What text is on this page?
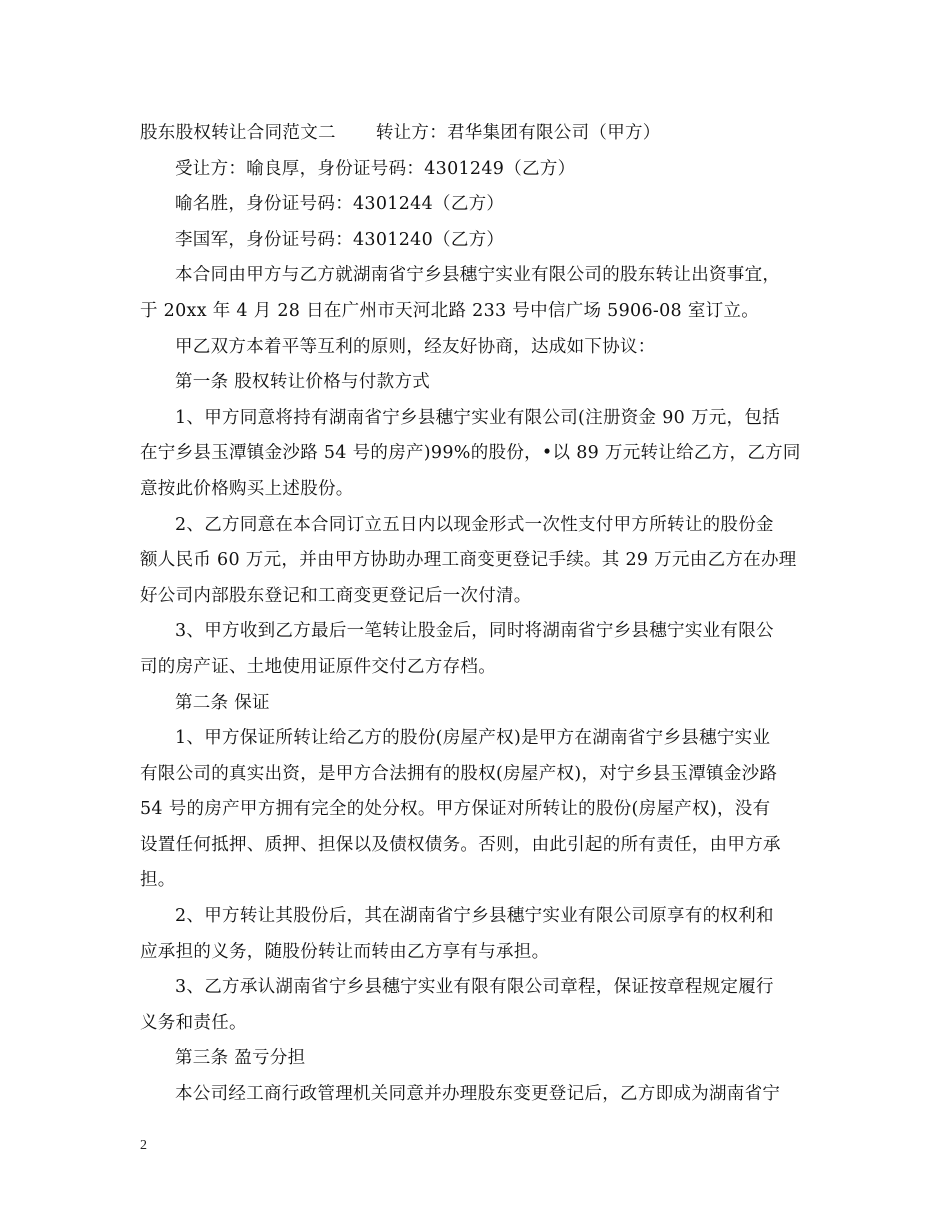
股东股权转让合同范文二 转让方：君华集团有限公司（甲方）

受让方：喻良厚，身份证号码：4301249（乙方）

喻名胜，身份证号码：4301244（乙方）

李国军，身份证号码：4301240（乙方）

本合同由甲方与乙方就湖南省宁乡县穗宁实业有限公司的股东转让出资事宜，

于 20xx 年 4 月 28 日在广州市天河北路 233 号中信广场 5906-08 室订立。

甲乙双方本着平等互利的原则，经友好协商，达成如下协议：

第一条 股权转让价格与付款方式

1、甲方同意将持有湖南省宁乡县穗宁实业有限公司(注册资金 90 万元，包括

在宁乡县玉潭镇金沙路 54 号的房产)99%的股份，•以 89 万元转让给乙方，乙方同

意按此价格购买上述股份。

2、乙方同意在本合同订立五日内以现金形式一次性支付甲方所转让的股份金

额人民币 60 万元，并由甲方协助办理工商变更登记手续。其 29 万元由乙方在办理

好公司内部股东登记和工商变更登记后一次付清。

3、甲方收到乙方最后一笔转让股金后，同时将湖南省宁乡县穗宁实业有限公

司的房产证、土地使用证原件交付乙方存档。

第二条 保证

1、甲方保证所转让给乙方的股份(房屋产权)是甲方在湖南省宁乡县穗宁实业

有限公司的真实出资，是甲方合法拥有的股权(房屋产权)，对宁乡县玉潭镇金沙路

54 号的房产甲方拥有完全的处分权。甲方保证对所转让的股份(房屋产权)，没有

设置任何抵押、质押、担保以及债权债务。否则，由此引起的所有责任，由甲方承

担。

2、甲方转让其股份后，其在湖南省宁乡县穗宁实业有限公司原享有的权利和

应承担的义务，随股份转让而转由乙方享有与承担。

3、乙方承认湖南省宁乡县穗宁实业有限有限公司章程，保证按章程规定履行

义务和责任。

第三条 盈亏分担

本公司经工商行政管理机关同意并办理股东变更登记后，乙方即成为湖南省宁

2
